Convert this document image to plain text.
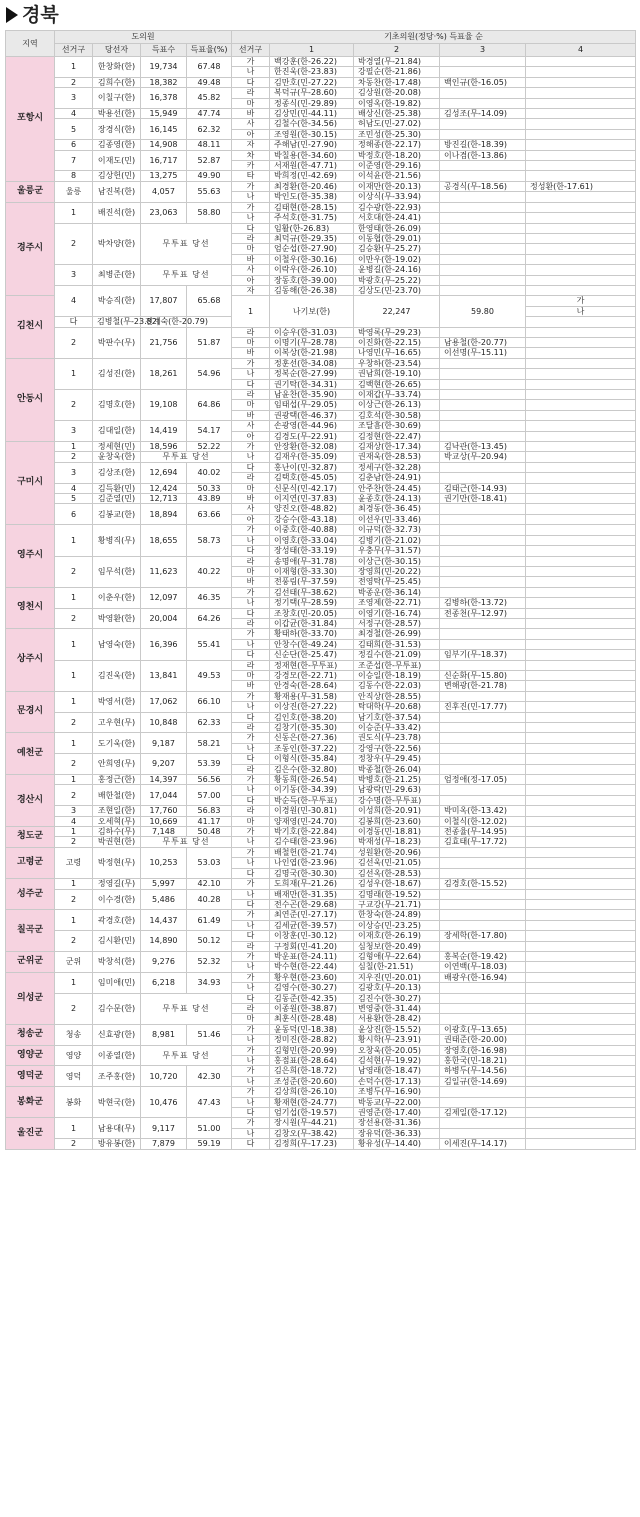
경북
지역	도의원				기초의원(정당·%) 득표율 순					
	선거구	당선자	득표수	득표율(%)	선거구	1	2	3	4	
포항시	1	한창화(한)	19,734	67.48	가	백강훈(한-26.22)	박경열(무-21.84)			
					나	한진욱(한-23.83)	강필순(한-21.86)			
	2	김희수(한)	18,382	49.48	다	김만호(민-27.22)	차동찬(한-17.48)	백인규(한-16.05)		
	3	이칠구(한)	16,378	45.82	라	복덕규(무-28.60)	김상원(한-20.08)			
					마	정종식(민-29.89)	이영옥(한-19.82)			
	4	박용선(한)	15,949	47.74	바	김상민(민-44.11)	배상신(한-25.38)	김성조(무-14.09)		
	5	장경식(한)	16,145	62.32	사	김철수(한-34.56)	허남도(민-27.02)			
					아	조영원(한-30.15)	조민성(한-25.30)			
	6	김종영(한)	14,908	48.11	자	주해남(민-27.90)	정해종(한-22.17)	방진길(한-18.39)		
	7	이재도(민)	16,717	52.87	차	박칠용(한-34.60)	박정호(한-18.20)	이나겸(한-13.86)		
					카	서재원(한-47.71)	이준영(한-29.16)			
	8	김상헌(민)	13,275	49.90	타	박희정(민-42.69)	이석윤(한-21.56)			
울릉군	울릉	남진복(한)	4,057	55.63	가	최경환(한-20.46)	이재만(한-20.13)	공경식(무-18.56)	정성환(한-17.61)	
					나	박인도(한-35.38)	이상식(무-33.94)			
경주시	1	배진석(한)	23,063	58.80	가	김태현(한-28.15)	김수광(한-22.93)			
					나	주석호(한-31.75)	서호대(한-24.41)			
	2	박차양(한)	무투표 당선		다	임활(한-26.83)	한영태(한-26.09)			
					라	최덕규(한-29.35)	이동협(한-29.01)			
					마	엄순섭(한-27.90)	김승환(무-25.27)			
					바	이철우(한-30.16)	이만우(한-19.02)			
	3	최병준(한)	무투표 당선		사	이락우(한-26.10)	윤병길(한-24.16)			
					아	장동호(한-39.00)	박광호(무-25.22)			
	4	박승직(한)	17,807	65.68	자	김동해(한-26.38)	김상도(민-23.70)			
김천시					1	나기보(한)	22,247	59.80	가				
									나				
	다	김병철(무-23.82)	전계숙(한-20.79)							
	2	박판수(무)	21,756	51.87	라	이승우(한-31.03)	박영록(무-29.23)			
					마	이명기(무-28.78)	이진화(한-22.15)	남용철(한-20.77)		
					바	이복상(한-21.98)	나영민(무-16.65)	이선명(무-15.11)		
안동시	1	김성진(한)	18,261	54.96	가	정훈선(한-34.08)	우창하(한-23.54)			
					나	정복순(한-27.99)	권남희(한-19.10)			
					다	권기탁(한-34.31)	김백현(한-26.65)			
	2	김명호(한)	19,108	64.86	라	남윤찬(한-35.90)	이재갑(무-33.74)			
					마	임태섭(무-29.05)	이상근(한-26.13)			
					바	권광택(한-46.37)	김호석(한-30.58)			
	3	김대일(한)	14,419	54.17	사	손광영(한-44.96)	조달흠(한-30.69)			
					아	김경도(무-22.91)	김정현(한-22.47)			
구미시	1	정세현(민)	18,596	52.22	가	안장환(한-32.08)	김재상(한-17.34)	김낙관(한-13.45)		
	2	윤창욱(한)	무투표 당선		나	김재우(한-35.09)	권재욱(한-28.53)	박교상(무-20.94)		
	3	김상조(한)	12,694	40.02	다	홍난이(민-32.87)	정세구(한-32.28)			
					라	김택호(한-45.05)	김춘남(한-24.91)			
	4	김득환(민)	12,424	50.33	마	신문식(민-42.17)	안주찬(한-24.45)	김태근(한-14.93)		
	5	김준열(민)	12,713	43.89	바	이지연(민-37.83)	윤종호(한-24.13)	권기만(한-18.41)		
	6	김봉교(한)	18,894	63.66	사	양진오(한-48.82)	최경동(한-36.45)			
					아	강승수(한-43.18)	이선우(민-33.46)			
영주시	1	황병직(무)	18,655	58.73	가	이중호(한-40.88)	이규덕(한-32.73)			
					나	이영호(한-33.04)	김병기(한-21.02)			
					다	장성태(한-33.19)	우충무(무-31.57)			
	2	임무석(한)	11,623	40.22	라	송명애(무-31.78)	이상근(한-30.15)			
					마	이재형(한-33.30)	장영희(민-20.22)			
					바	전풍림(무-37.59)	전영탁(무-25.45)			
영천시	1	이춘우(한)	12,097	46.35	가	김선태(무-38.62)	박종운(한-36.14)			
					나	정기택(무-28.59)	조영제(한-22.71)	김병하(한-13.72)		
	2	박영환(한)	20,004	64.26	다	조창호(민-20.05)	이영기(한-16.74)	전종천(무-12.97)		
					라	이갑균(한-31.84)	서정구(한-28.57)			
상주시	1	남영숙(한)	16,396	55.41	가	황태하(한-33.70)	최경철(한-26.99)			
					나	안창수(한-49.24)	김태희(한-31.53)			
					다	신순단(한-25.47)	정길수(한-21.09)	임부기(무-18.37)		
	1	김진욱(한)	13,841	49.53	라	정재현(한-무투표)	조준섭(한-무투표)			
					마	강경모(한-22.71)	이승일(한-18.19)	신순화(무-15.80)		
					바	안경숙(한-28.64)	김동수(한-22.03)	변해광(한-21.78)		
문경시	1	박영서(한)	17,062	66.10	가	황재용(무-31.58)	안직상(한-28.55)			
					나	이상진(한-27.22)	탁대학(무-20.68)	진후진(민-17.77)		
	2	고우현(무)	10,848	62.33	다	김인호(한-38.20)	남기호(한-37.54)			
					라	김창기(한-35.30)	이승준(무-33.42)			
예천군	1	도기욱(한)	9,187	58.21	가	신동은(한-27.36)	권도식(무-23.78)			
					나	조동인(한-37.22)	강영구(한-22.56)			
	2	안희영(무)	9,207	53.39	다	이형식(한-35.84)	정창우(무-29.45)			
					라	김은수(한-32.80)	박종철(한-26.04)			
경산시	1	홍정근(한)	14,397	56.56	가	황동희(한-26.54)	박병호(한-21.25)	엄정애(정-17.05)		
	2	배한철(한)	17,044	57.00	나	이기동(한-34.39)	남광락(민-29.63)			
					다	박순득(한-무투표)	강수명(한-무투표)			
	3	조현일(한)	17,760	56.83	라	이경원(민-30.81)	이성희(한-20.91)	박미옥(한-13.42)		
	4	오세혁(무)	10,669	41.17	마	양재영(민-24.70)	김봉희(한-23.60)	이철식(한-12.02)		
청도군	1	김하수(무)	7,148	50.48	가	박기호(한-22.84)	이경동(민-18.81)	전종율(무-14.95)		
	2	박권현(한)	무투표 당선		나	김수태(한-23.96)	박재성(무-18.23)	김효태(무-17.72)		
고령군	고령	박정현(무)	10,253	53.03	가	배철헌(한-21.74)	성원환(한-20.96)			
					나	나인엽(한-23.96)	김선욱(민-21.05)			
					다	김명국(한-30.30)	김선옥(한-28.53)			
성주군	1	정영길(무)	5,997	42.10	가	도희재(무-21.26)	김성우(한-18.67)	김경호(한-15.52)		
	2	이수경(한)	5,486	40.28	나	배재만(한-31.35)	김명래(한-19.52)			
					다	전수곤(한-29.68)	구교강(무-21.71)			
칠곡군	1	곽경호(한)	14,437	61.49	가	최연준(민-27.17)	한창숙(한-24.89)			
					나	김세균(한-39.57)	이상승(민-23.25)			
	2	김시환(민)	14,890	50.12	다	이창훈(민-30.12)	이재호(한-26.19)	장세학(한-17.80)		
					라	구정회(민-41.20)	심청보(한-20.49)			
군위군	군위	박창석(한)	9,276	52.32	가	박운표(한-24.11)	김형애(무-22.64)	홍복순(한-19.42)		
					나	박수현(한-22.44)	심칠(한-21.51)	이연백(무-18.03)		
의성군	1	임미애(민)	6,218	34.93	가	황우현(한-23.60)	지우진(민-20.01)	배광우(한-16.94)		
					나	김영수(한-30.27)	김광호(무-20.13)			
	2	김수문(한)	무투표 당선		다	김동준(한-42.35)	김진수(한-30.27)			
					라	이종원(한-38.87)	변영중(한-31.44)			
					마	최훈식(한-28.48)	서용환(한-28.42)			
청송군	청송	신효광(한)	8,981	51.46	가	윤동덕(민-18.38)	윤상진(한-15.52)	이광호(무-13.65)		
					나	정미진(한-28.82)	황시학(무-23.91)	권태준(한-20.00)		
영양군	영양	이종열(한)	무투표 당선		가	김형민(한-20.99)	오창욱(한-20.05)	장영호(한-16.98)		
					나	홍점표(한-28.64)	김석현(무-19.92)	홍한국(민-18.21)		
영덕군	영덕	조주홍(한)	10,720	42.30	가	김은희(한-18.72)	남영래(한-18.47)	하병두(무-14.56)		
					나	조성준(한-20.60)	손덕수(한-17.13)	김일규(한-14.69)		
봉화군	봉화	박현국(한)	10,476	47.43	가	김상희(한-26.10)	조병두(무-16.90)			
					나	황재현(한-24.77)	박동교(무-22.00)			
					다	엄기섭(한-19.57)	권영준(한-17.40)	김제일(한-17.12)		
울진군	1	남용대(무)	9,117	51.00	가	장시원(무-44.21)	장선용(한-31.36)			
					나	김창오(무-38.42)	장유덕(한-36.33)			
	2	방유봉(한)	7,879	59.19	다	김정희(무-17.23)	황유성(무-14.40)	이세진(무-14.17)		
